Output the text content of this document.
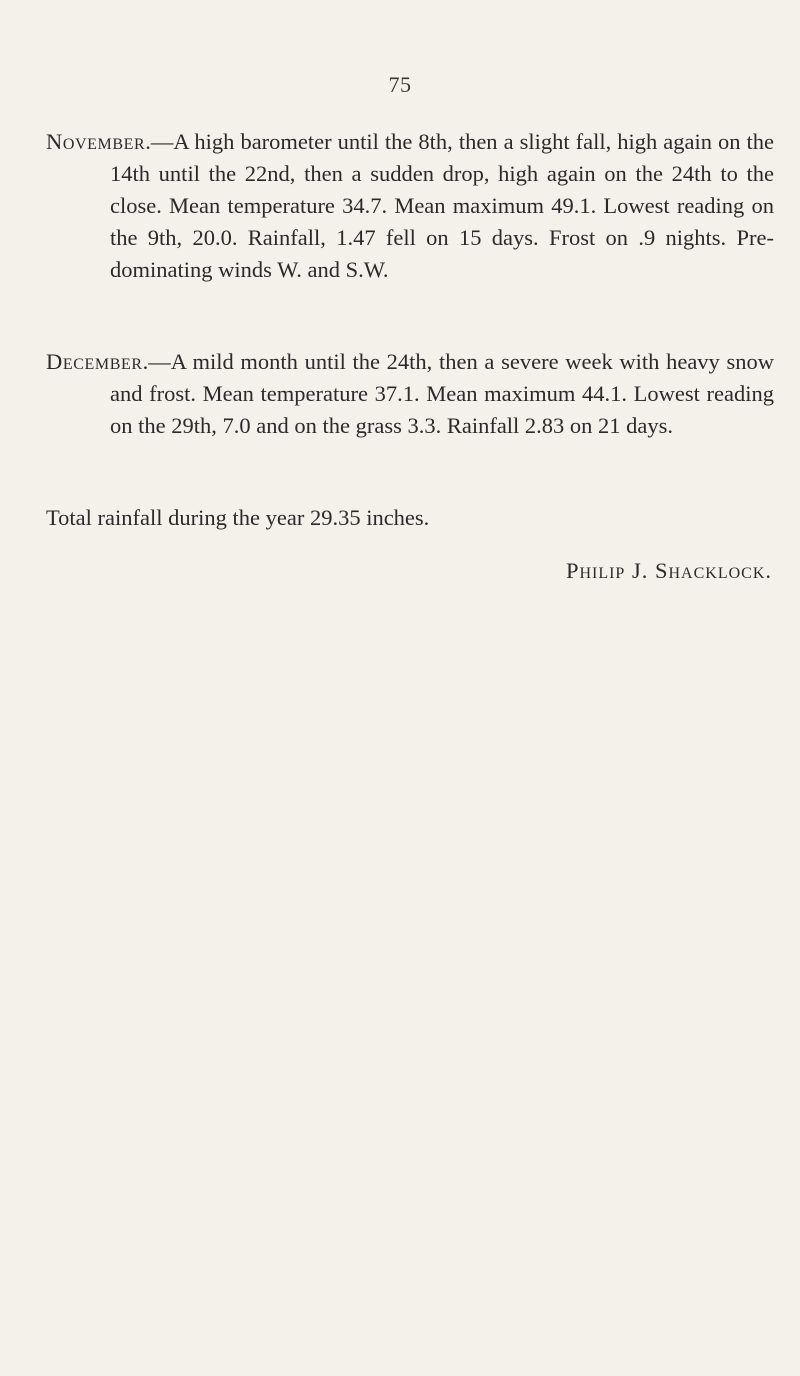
75

November.—A high barometer until the 8th, then a slight fall, high again on the 14th until the 22nd, then a sudden drop, high again on the 24th to the close. Mean temperature 34.7. Mean maximum 49.1. Lowest reading on the 9th, 20.0. Rainfall, 1.47 fell on 15 days. Frost on .9 nights. Predominating winds W. and S.W.

December.—A mild month until the 24th, then a severe week with heavy snow and frost. Mean temperature 37.1. Mean maximum 44.1. Lowest reading on the 29th, 7.0 and on the grass 3.3. Rainfall 2.83 on 21 days.

Total rainfall during the year 29.35 inches.
Philip J. Shacklock.
